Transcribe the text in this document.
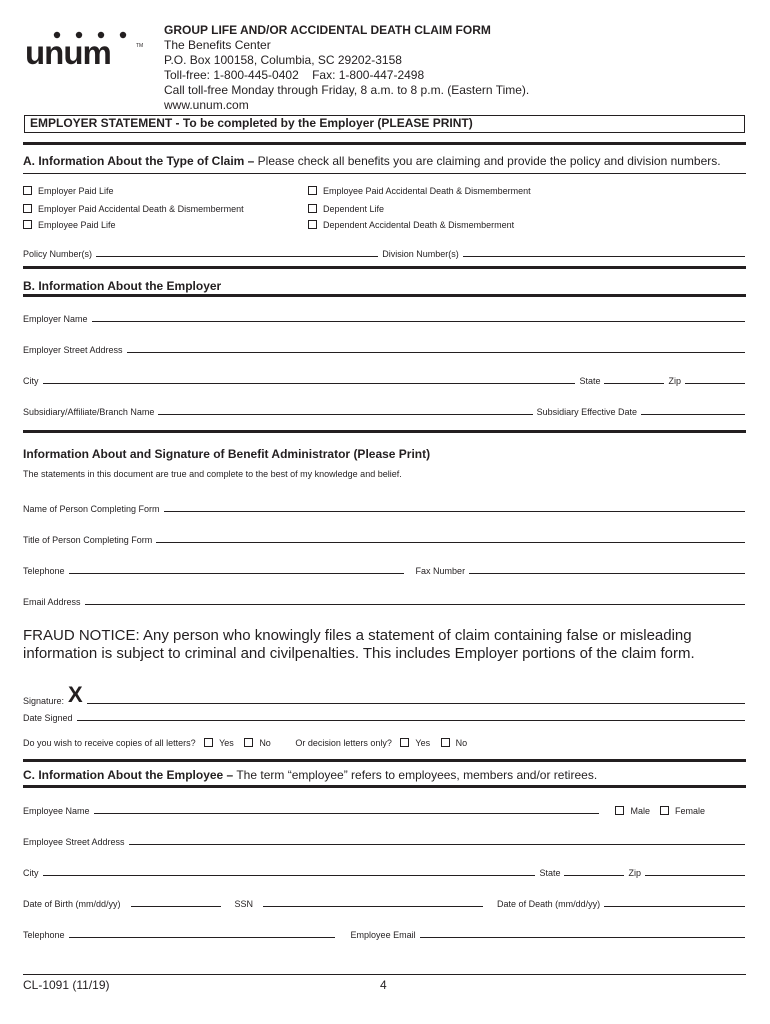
unum	TM
GROUP LIFE AND/OR ACCIDENTAL DEATH CLAIM FORM
The Benefits Center
P.O. Box 100158, Columbia, SC 29202-3158
Toll-free: 1-800-445-0402    Fax: 1-800-447-2498
Call toll-free Monday through Friday, 8 a.m. to 8 p.m. (Eastern Time).
www.unum.com
EMPLOYER STATEMENT - To be completed by the Employer (PLEASE PRINT)
A. Information About the Type of Claim – Please check all benefits you are claiming and provide the policy and division numbers.
Employer Paid Life
Employer Paid Accidental Death & Dismemberment
Employee Paid Life
Employee Paid Accidental Death & Dismemberment
Dependent Life
Dependent Accidental Death & Dismemberment
Policy Number(s)	Division Number(s)
B. Information About the Employer
Employer Name
Employer Street Address
City	State	Zip
Subsidiary/Affiliate/Branch Name	Subsidiary Effective Date
Information About and Signature of Benefit Administrator (Please Print)
The statements in this document are true and complete to the best of my knowledge and belief.
Name of Person Completing Form
Title of Person Completing Form
Telephone	Fax Number
Email Address
FRAUD NOTICE: Any person who knowingly files a statement of claim containing false or misleading information is subject to criminal and civilpenalties. This includes Employer portions of the claim form.
Signature: X
Date Signed
Do you wish to receive copies of all letters?	Yes	No	Or decision letters only?	Yes	No
C. Information About the Employee – The term “employee” refers to employees, members and/or retirees.
Employee Name	Male	Female
Employee Street Address
City	State	Zip
Date of Birth (mm/dd/yy)	SSN	Date of Death (mm/dd/yy)
Telephone	Employee Email
CL-1091 (11/19)	4
